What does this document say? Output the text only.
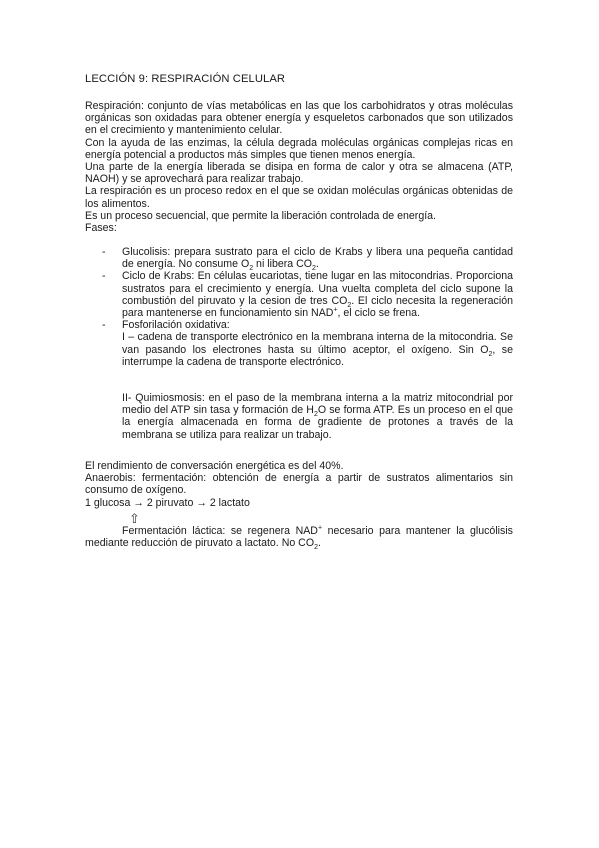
LECCIÓN 9: RESPIRACIÓN CELULAR
Respiración: conjunto de vías metabólicas en las que los carbohidratos y otras moléculas orgánicas son oxidadas para obtener energía y esqueletos carbonados que son utilizados en el crecimiento y mantenimiento celular.
Con la ayuda de las enzimas, la célula degrada moléculas orgánicas complejas ricas en energía potencial a productos más simples que tienen menos energía.
Una parte de la energía liberada se disipa en forma de calor y otra se almacena (ATP, NAOH) y se aprovechará para realizar trabajo.
La respiración es un proceso redox en el que se oxidan moléculas orgánicas obtenidas de los alimentos.
Es un proceso secuencial, que permite la liberación controlada de energía.
Fases:
- Glucolisis: prepara sustrato para el ciclo de Krabs y libera una pequeña cantidad de energía. No consume $O_2$ ni libera $CO_2$.
- Ciclo de Krabs: En células eucariotas, tiene lugar en las mitocondrias. Proporciona sustratos para el crecimiento y energía. Una vuelta completa del ciclo supone la combustión del piruvato y la cesion de tres $CO_2$. El ciclo necesita la regeneración para mantenerse en funcionamiento sin NAD+, el ciclo se frena.
- Fosforilación oxidativa:
I – cadena de transporte electrónico en la membrana interna de la mitocondria. Se van pasando los electrones hasta su último aceptor, el oxígeno. Sin $O_2$, se interrumpe la cadena de transporte electrónico.
II- Quimiosmosis: en el paso de la membrana interna a la matriz mitocondrial por medio del ATP sin tasa y formación de $H_2O$ se forma ATP. Es un proceso en el que la energía almacenada en forma de gradiente de protones a través de la membrana se utiliza para realizar un trabajo.
El rendimiento de conversación energética es del 40%.
Anaerobis: fermentación: obtención de energía a partir de sustratos alimentarios sin consumo de oxígeno.
1 glucosa → 2 piruvato → 2 lactato
⇧
Fermentación láctica: se regenera NAD+ necesario para mantener la glucólisis mediante reducción de piruvato a lactato. No $CO_2$.
